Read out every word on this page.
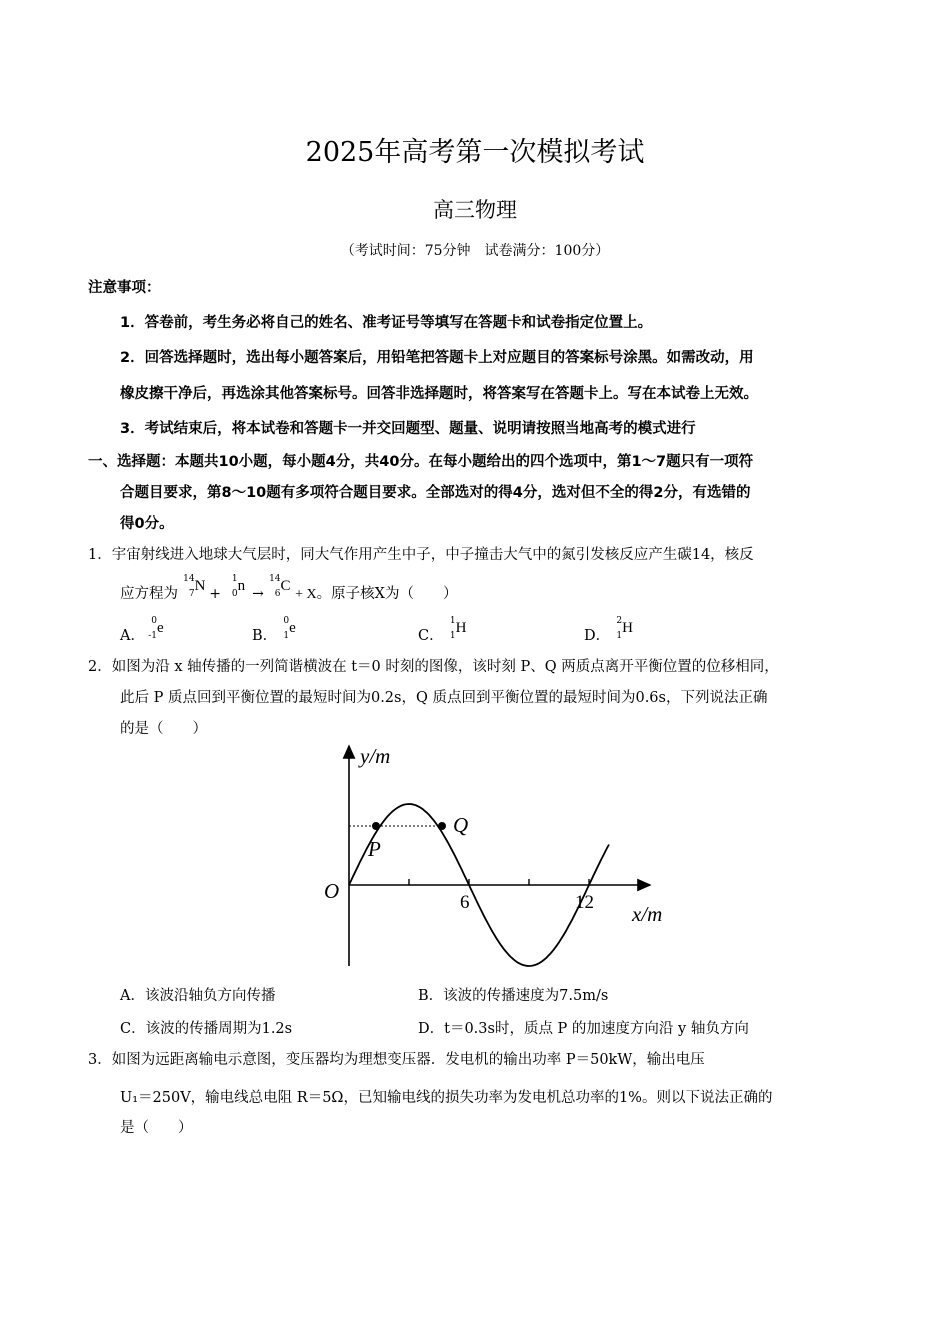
2025年高考第一次模拟考试
高三物理
（考试时间：75分钟　试卷满分：100分）
注意事项：
1．答卷前，考生务必将自己的姓名、准考证号等填写在答题卡和试卷指定位置上。
2．回答选择题时，选出每小题答案后，用铅笔把答题卡上对应题目的答案标号涂黑。如需改动，用
橡皮擦干净后，再选涂其他答案标号。回答非选择题时，将答案写在答题卡上。写在本试卷上无效。
3．考试结束后，将本试卷和答题卡一并交回题型、题量、说明请按照当地高考的模式进行
一、选择题：本题共10小题，每小题4分，共40分。在每小题给出的四个选项中，第1～7题只有一项符
合题目要求，第8～10题有多项符合题目要求。全部选对的得4分，选对但不全的得2分，有选错的
得0分。
1．宇宙射线进入地球大气层时，同大气作用产生中子，中子撞击大气中的氮引发核反应产生碳14，核反
应方程为
14
7 N +
1
0 n →
14
6 C
+ X。原子核X为（　　）
A．
0
-1 e	B．
0
1 e	C．
1
1 H	D．
2
1 H
2．如图为沿 x 轴传播的一列简谐横波在 t＝0 时刻的图像，该时刻 P、Q 两质点离开平衡位置的位移相同，
此后 P 质点回到平衡位置的最短时间为0.2s，Q 质点回到平衡位置的最短时间为0.6s，下列说法正确
的是（　　）
y/m
x/m
O	6	12
P
Q
A．该波沿轴负方向传播	B．该波的传播速度为7.5m/s
C．该波的传播周期为1.2s	D．t＝0.3s时，质点 P 的加速度方向沿 y 轴负方向
3．如图为远距离输电示意图，变压器均为理想变压器．发电机的输出功率 P＝50kW，输出电压
U₁＝250V，输电线总电阻 R＝5Ω，已知输电线的损失功率为发电机总功率的1%。则以下说法正确的
是（　　）
